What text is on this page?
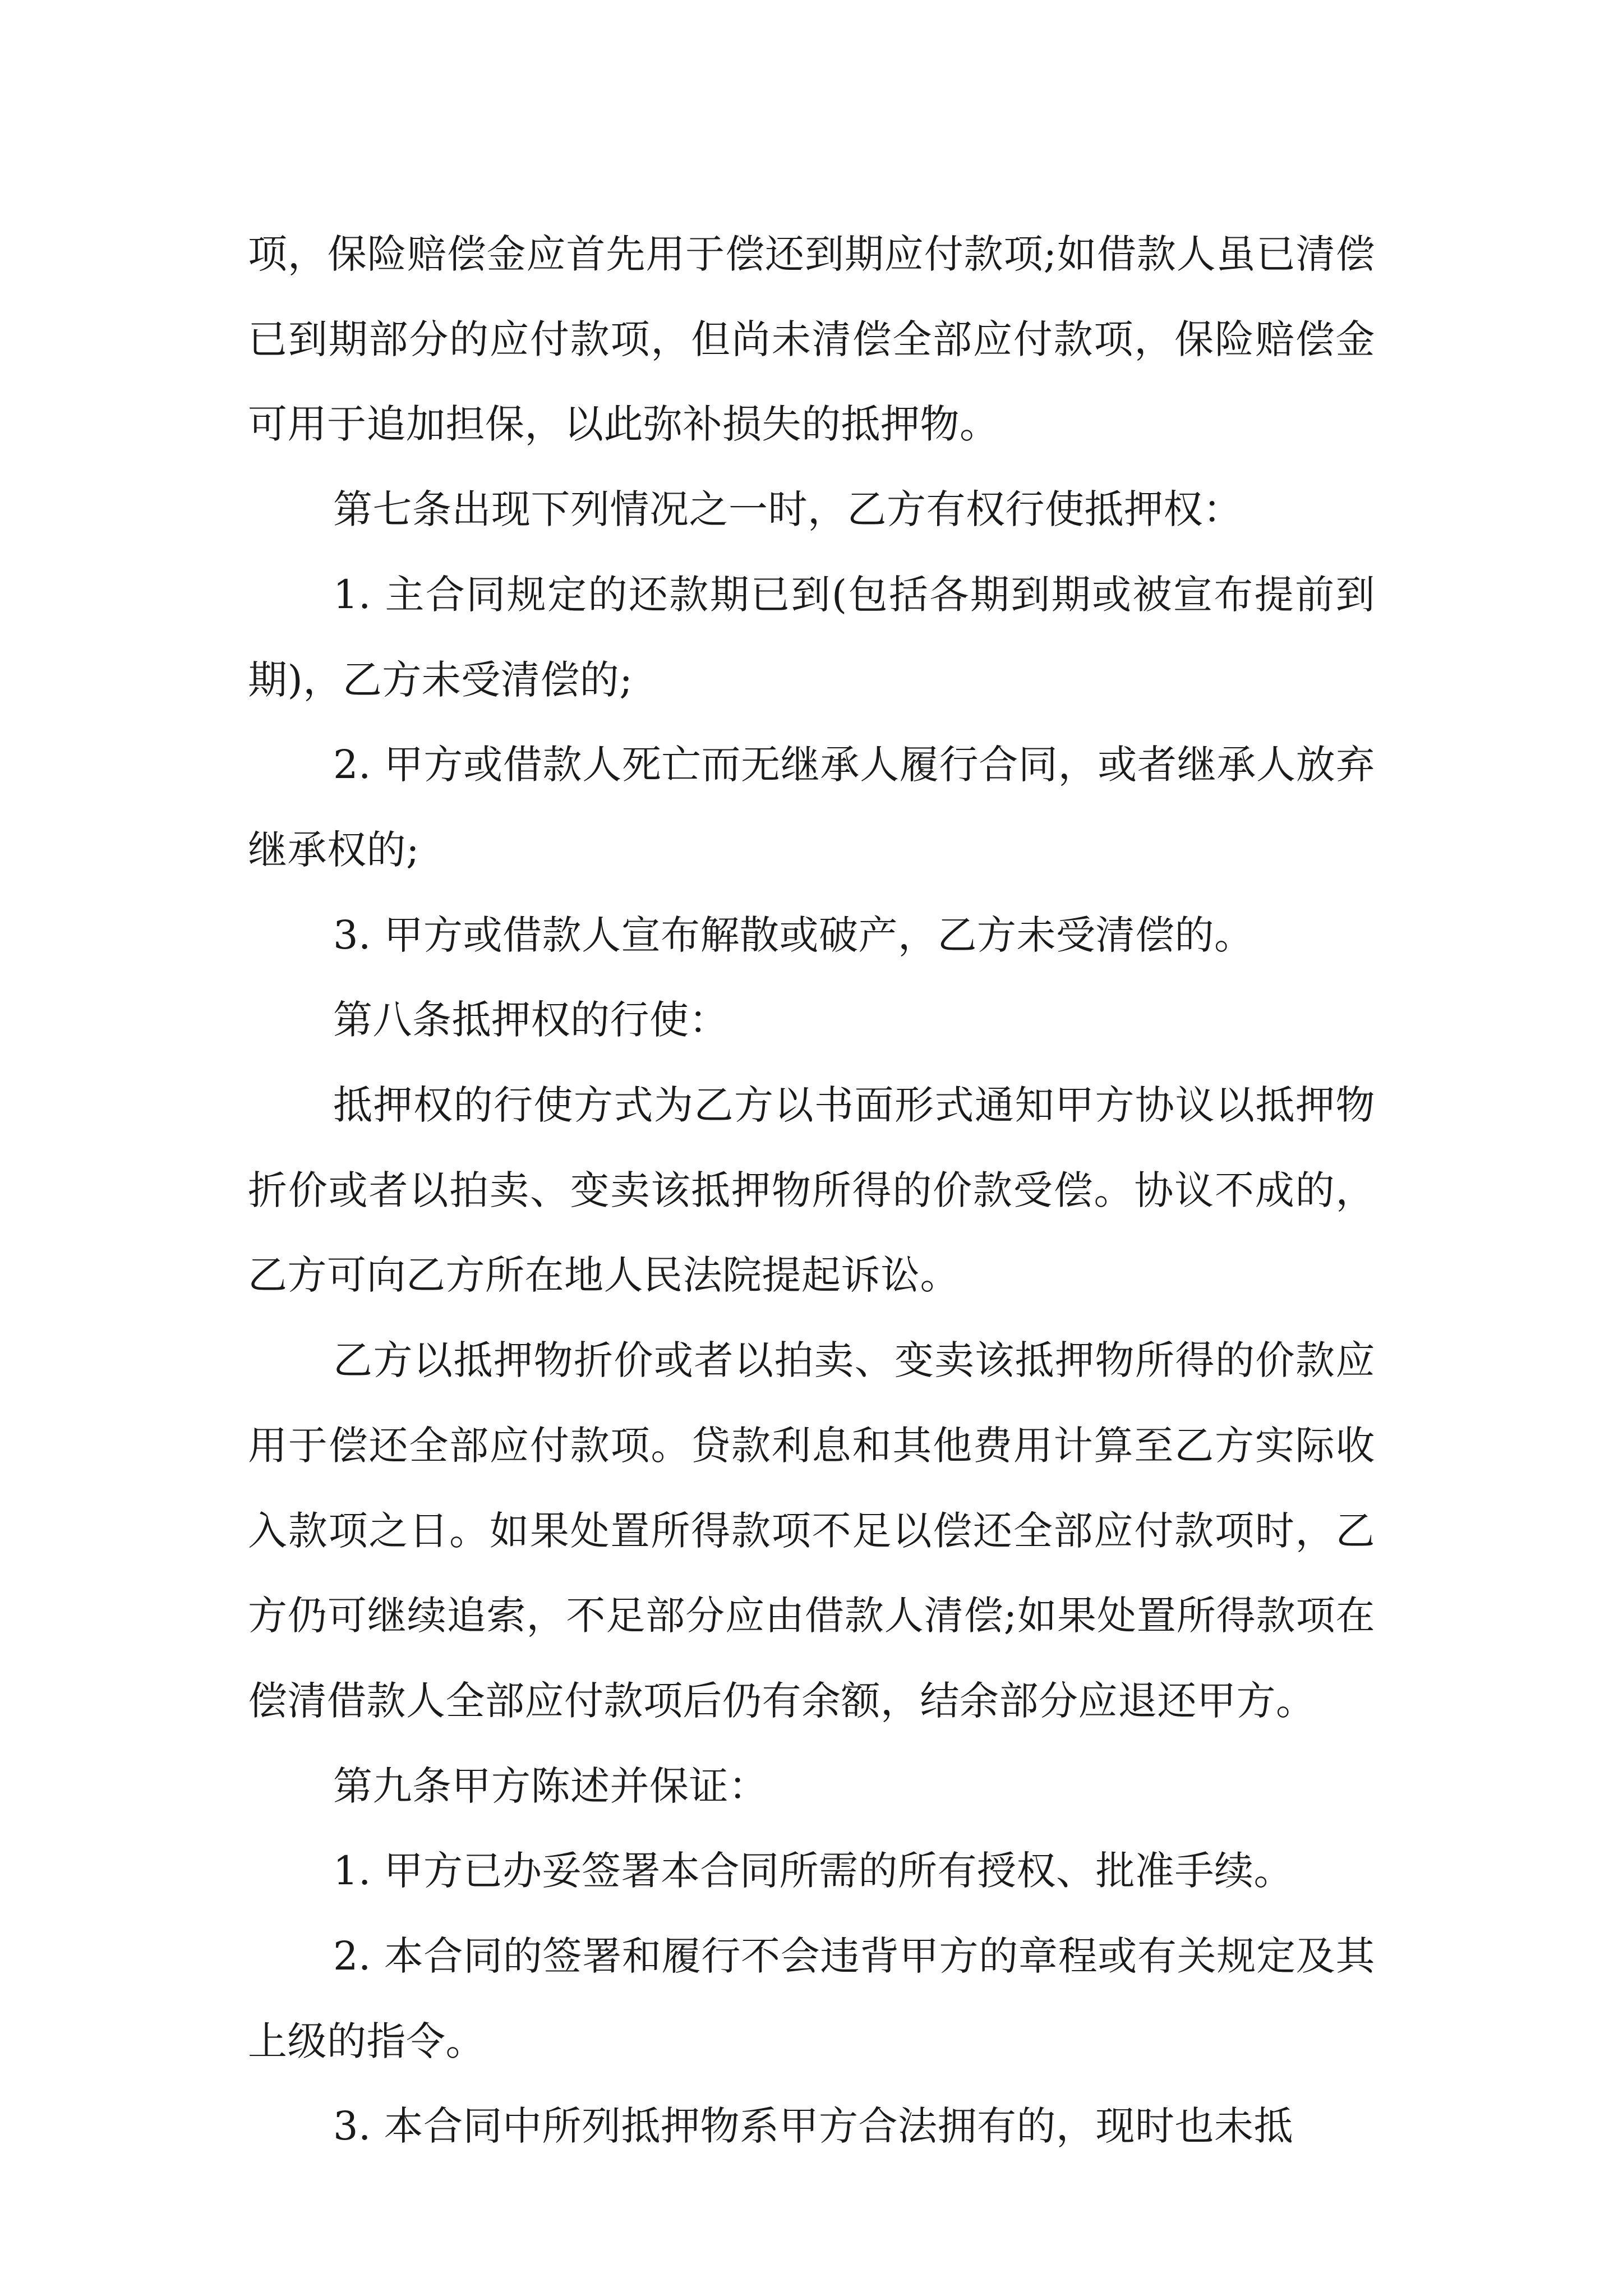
项，保险赔偿金应首先用于偿还到期应付款项;如借款人虽已清偿已到期部分的应付款项，但尚未清偿全部应付款项，保险赔偿金可用于追加担保，以此弥补损失的抵押物。

第七条出现下列情况之一时，乙方有权行使抵押权：

1. 主合同规定的还款期已到(包括各期到期或被宣布提前到期)，乙方未受清偿的;

2. 甲方或借款人死亡而无继承人履行合同，或者继承人放弃继承权的;

3. 甲方或借款人宣布解散或破产，乙方未受清偿的。

第八条抵押权的行使：

抵押权的行使方式为乙方以书面形式通知甲方协议以抵押物折价或者以拍卖、变卖该抵押物所得的价款受偿。协议不成的，乙方可向乙方所在地人民法院提起诉讼。

乙方以抵押物折价或者以拍卖、变卖该抵押物所得的价款应用于偿还全部应付款项。贷款利息和其他费用计算至乙方实际收入款项之日。如果处置所得款项不足以偿还全部应付款项时，乙方仍可继续追索，不足部分应由借款人清偿;如果处置所得款项在偿清借款人全部应付款项后仍有余额，结余部分应退还甲方。

第九条甲方陈述并保证：

1. 甲方已办妥签署本合同所需的所有授权、批准手续。

2. 本合同的签署和履行不会违背甲方的章程或有关规定及其上级的指令。

3. 本合同中所列抵押物系甲方合法拥有的，现时也未抵
